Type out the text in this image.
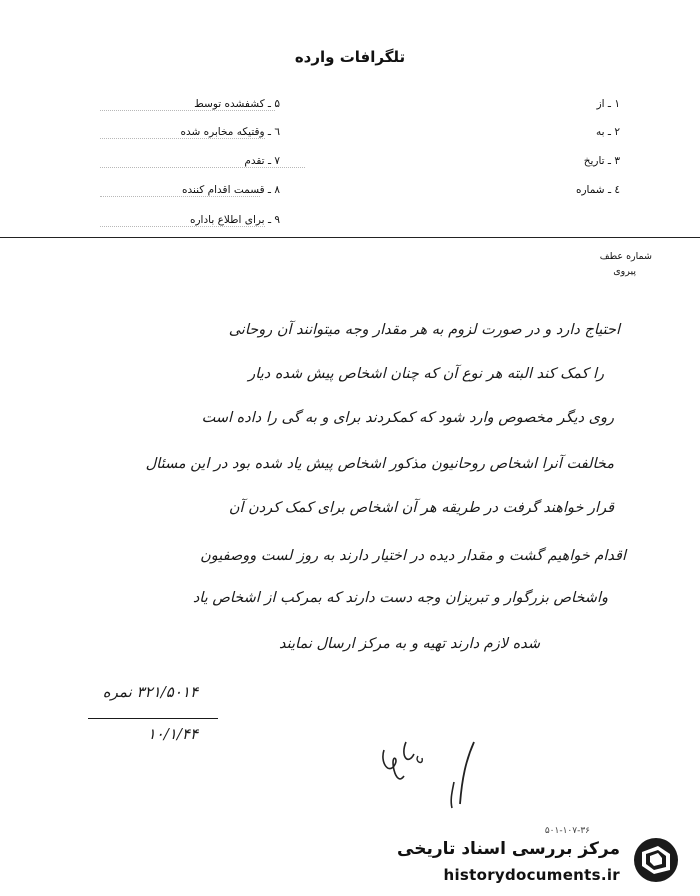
تلگرافات وارده
۱ ـ از
۲ ـ به
۳ ـ تاریخ
٤ ـ شماره
۵ ـ کشفشده توسط
٦ ـ وقتیکه مخابره شده
۷ ـ تقدم
۸ ـ قسمت اقدام کننده
۹ ـ برای اطلاع باداره
شماره عطف
پیروی
احتیاج دارد و در صورت لزوم به هر مقدار وجه میتوانند آن روحانی
را کمک کند البته هر نوع آن که چنان اشخاص پیش شده دیار
روی ديگر مخصوص وارد شود که کمکردند برای و به گی را داده است
مخالفت آنرا اشخاص روحانیون مذکور اشخاص پیش یاد شده بود در این مسئال
قرار خواهند گرفت در طریقه هر آن اشخاص برای کمک کردن آن
اقدام خواهیم گشت و مقدار دیده در اختیار دارند به روز لست ووصفیون
واشخاص بزرگوار و تبریزان وجه دست دارند که بمرکب از اشخاص یاد
شده لازم دارند تهیه و به مرکز ارسال نمایند
۳۲۱/۵۰۱۴ نمره
۱۰/۱/۴۴
۵۰۱-۱۰۷-۳۶
مرکز بررسی اسناد تاریخی
historydocuments.ir
